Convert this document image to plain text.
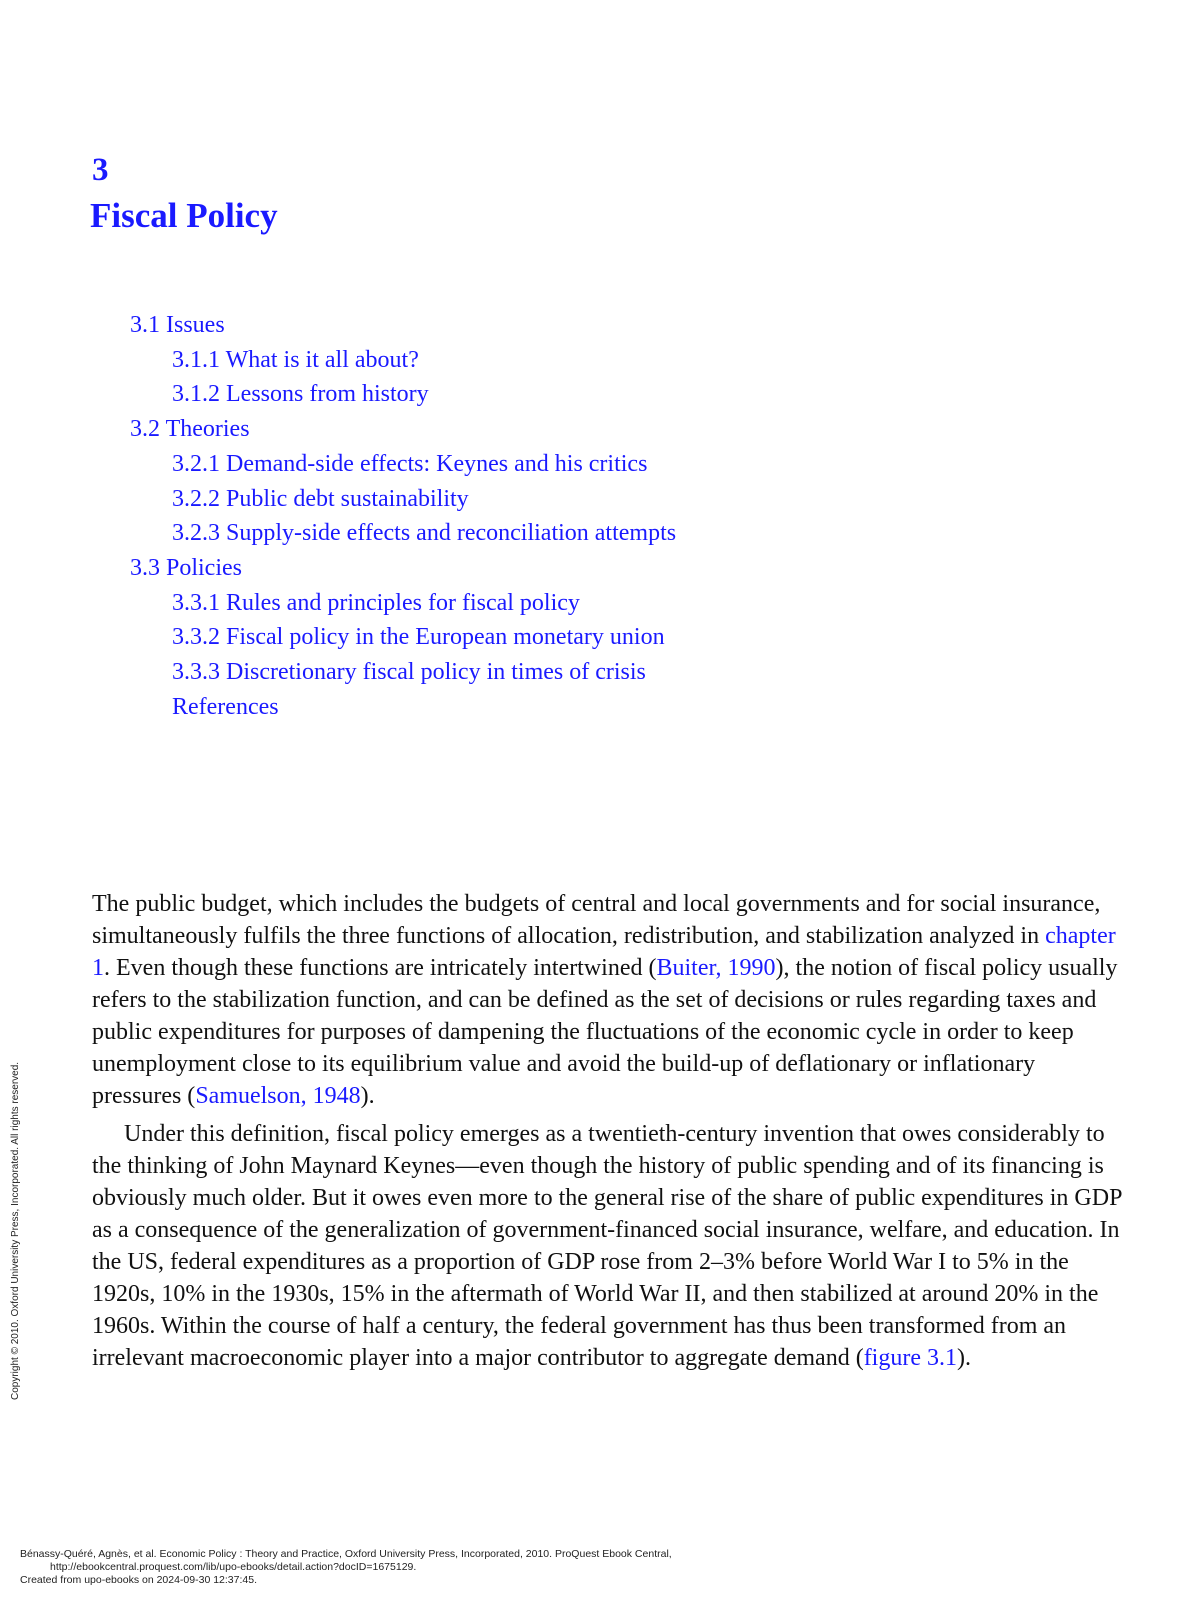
3
Fiscal Policy
3.1 Issues
3.1.1 What is it all about?
3.1.2 Lessons from history
3.2 Theories
3.2.1 Demand-side effects: Keynes and his critics
3.2.2 Public debt sustainability
3.2.3 Supply-side effects and reconciliation attempts
3.3 Policies
3.3.1 Rules and principles for fiscal policy
3.3.2 Fiscal policy in the European monetary union
3.3.3 Discretionary fiscal policy in times of crisis
References

The public budget, which includes the budgets of central and local governments and for social insurance, simultaneously fulfils the three functions of allocation, redistribution, and stabilization analyzed in chapter 1. Even though these functions are intricately intertwined (Buiter, 1990), the notion of fiscal policy usually refers to the stabilization function, and can be defined as the set of decisions or rules regarding taxes and public expenditures for purposes of dampening the fluctuations of the economic cycle in order to keep unemployment close to its equilibrium value and avoid the build-up of deflationary or inflationary pressures (Samuelson, 1948).

Under this definition, fiscal policy emerges as a twentieth-century invention that owes considerably to the thinking of John Maynard Keynes—even though the history of public spending and of its financing is obviously much older. But it owes even more to the general rise of the share of public expenditures in GDP as a consequence of the generalization of government-financed social insurance, welfare, and education. In the US, federal expenditures as a proportion of GDP rose from 2–3% before World War I to 5% in the 1920s, 10% in the 1930s, 15% in the aftermath of World War II, and then stabilized at around 20% in the 1960s. Within the course of half a century, the federal government has thus been transformed from an irrelevant macroeconomic player into a major contributor to aggregate demand (figure 3.1).

Copyright © 2010. Oxford University Press, Incorporated. All rights reserved.
Bénassy-Quéré, Agnès, et al. Economic Policy : Theory and Practice, Oxford University Press, Incorporated, 2010. ProQuest Ebook Central,
http://ebookcentral.proquest.com/lib/upo-ebooks/detail.action?docID=1675129.
Created from upo-ebooks on 2024-09-30 12:37:45.
